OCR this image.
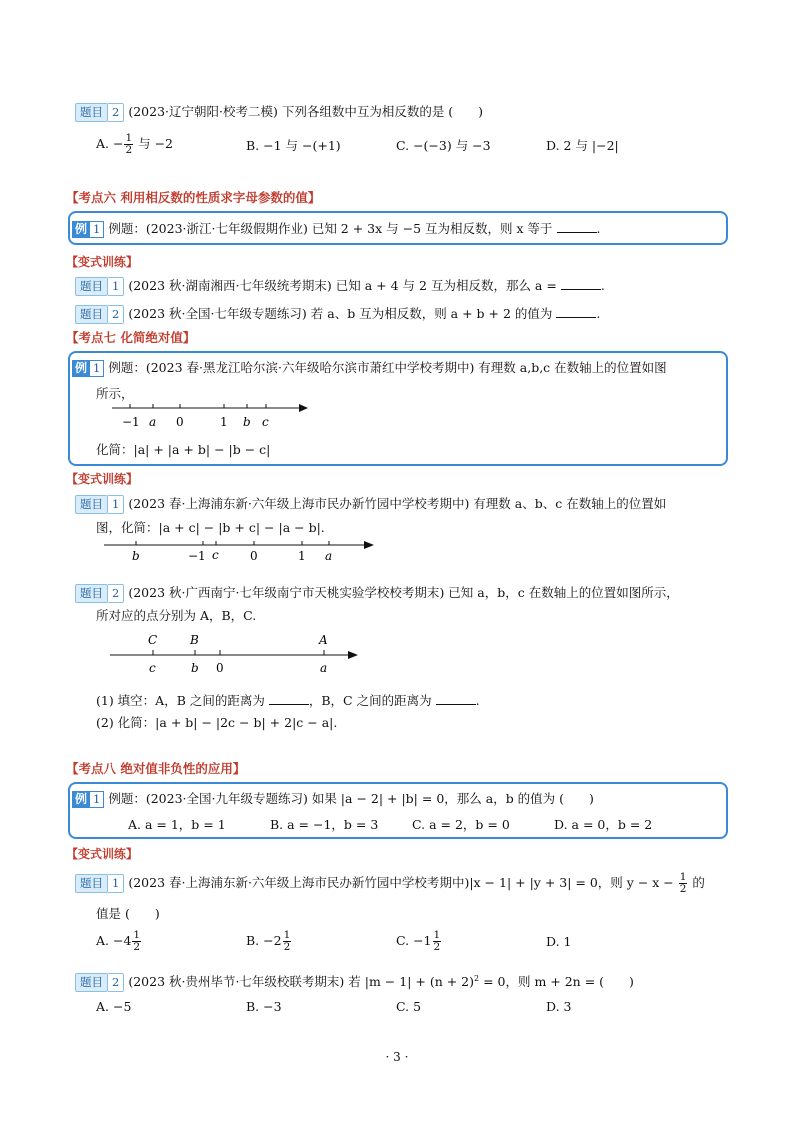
题目 2 (2023·辽宁朝阳·校考二模) 下列各组数中互为相反数的是 (　　)
A. − $\frac{1}{2}$ 与 −2	B. −1 与 −(+1)	C. −(−3) 与 −3	D. 2 与 |−2|
【考点六 利用相反数的性质求字母参数的值】
例 1 例题：(2023·浙江·七年级假期作业) 已知 2 + 3x 与 −5 互为相反数，则 x 等于	.
【变式训练】
题目 1 (2023 秋·湖南湘西·七年级统考期末) 已知 a + 4 与 2 互为相反数，那么 a =	.
题目 2 (2023 秋·全国·七年级专题练习) 若 a、b 互为相反数，则 a + b + 2 的值为	.
【考点七 化简绝对值】
例 1 例题：(2023 春·黑龙江哈尔滨·六年级哈尔滨市萧红中学校考期中) 有理数 a,b,c 在数轴上的位置如图
所示，
−1 a 0	1 b c
化简：|a| + |a + b| − |b − c|
【变式训练】
题目 1 (2023 春·上海浦东新·六年级上海市民办新竹园中学校考期中) 有理数 a、b、c 在数轴上的位置如
图，化简：|a + c| − |b + c| − |a − b|.
b	−1 c	0	1 a
题目 2 (2023 秋·广西南宁·七年级南宁市天桃实验学校校考期末) 已知 a，b，c 在数轴上的位置如图所示，
所对应的点分别为 A，B，C.
C	B	A
c	b 0	a
(1) 填空：A，B 之间的距离为	，B，C 之间的距离为	.
(2) 化简：|a + b| − |2c − b| + 2|c − a|.
【考点八 绝对值非负性的应用】
例 1 例题：(2023·全国·九年级专题练习) 如果 |a − 2| + |b| = 0，那么 a，b 的值为 (　　)
A. a = 1，b = 1	B. a = −1，b = 3	C. a = 2，b = 0	D. a = 0，b = 2
【变式训练】
题目 1 (2023 春·上海浦东新·六年级上海市民办新竹园中学校考期中)|x − 1| + |y + 3| = 0，则 $y - x - \frac{1}{2}$ 的
值是 (　　)
A. $-4 \frac{1}{2}$	B. $-2 \frac{1}{2}$	C. $-1 \frac{1}{2}$	D. 1
题目 2 (2023 秋·贵州毕节·七年级校联考期末) 若 $|m - 1| + (n + 2)^2 = 0$，则 m + 2n = (　　)
A. −5	B. −3	C. 5	D. 3
· 3 ·
